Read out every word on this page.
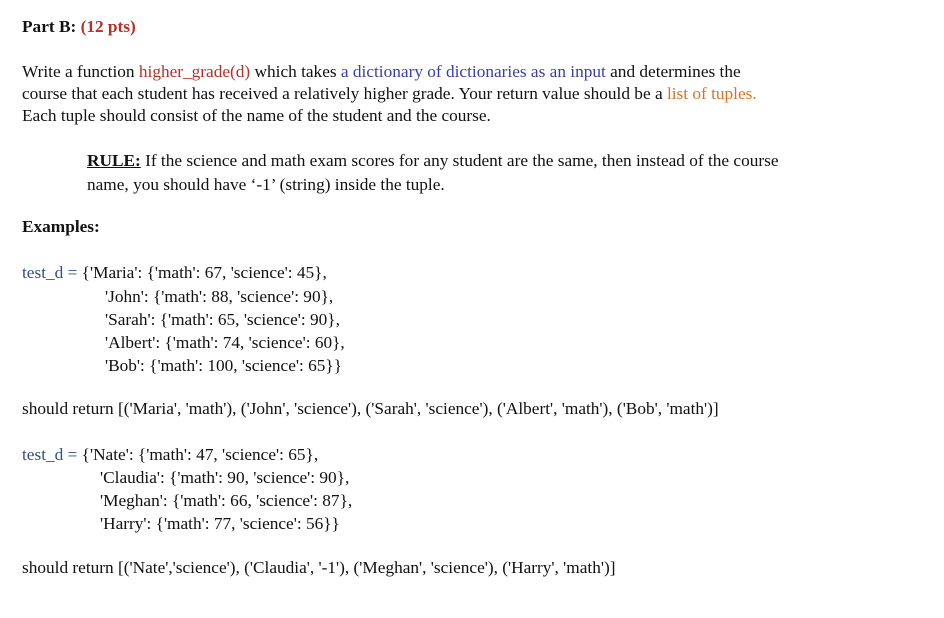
Part B: (12 pts)
Write a function higher_grade(d) which takes a dictionary of dictionaries as an input and determines the
course that each student has received a relatively higher grade. Your return value should be a list of tuples.
Each tuple should consist of the name of the student and the course.
RULE: If the science and math exam scores for any student are the same, then instead of the course
name, you should have ‘-1’ (string) inside the tuple.
Examples:
test_d = {'Maria': {'math': 67, 'science': 45},
'John': {'math': 88, 'science': 90},
'Sarah': {'math': 65, 'science': 90},
'Albert': {'math': 74, 'science': 60},
'Bob': {'math': 100, 'science': 65}}
should return [('Maria', 'math'), ('John', 'science'), ('Sarah', 'science'), ('Albert', 'math'), ('Bob', 'math')]
test_d = {'Nate': {'math': 47, 'science': 65},
'Claudia': {'math': 90, 'science': 90},
'Meghan': {'math': 66, 'science': 87},
'Harry': {'math': 77, 'science': 56}}
should return [('Nate','science'), ('Claudia', '-1'), ('Meghan', 'science'), ('Harry', 'math')]
